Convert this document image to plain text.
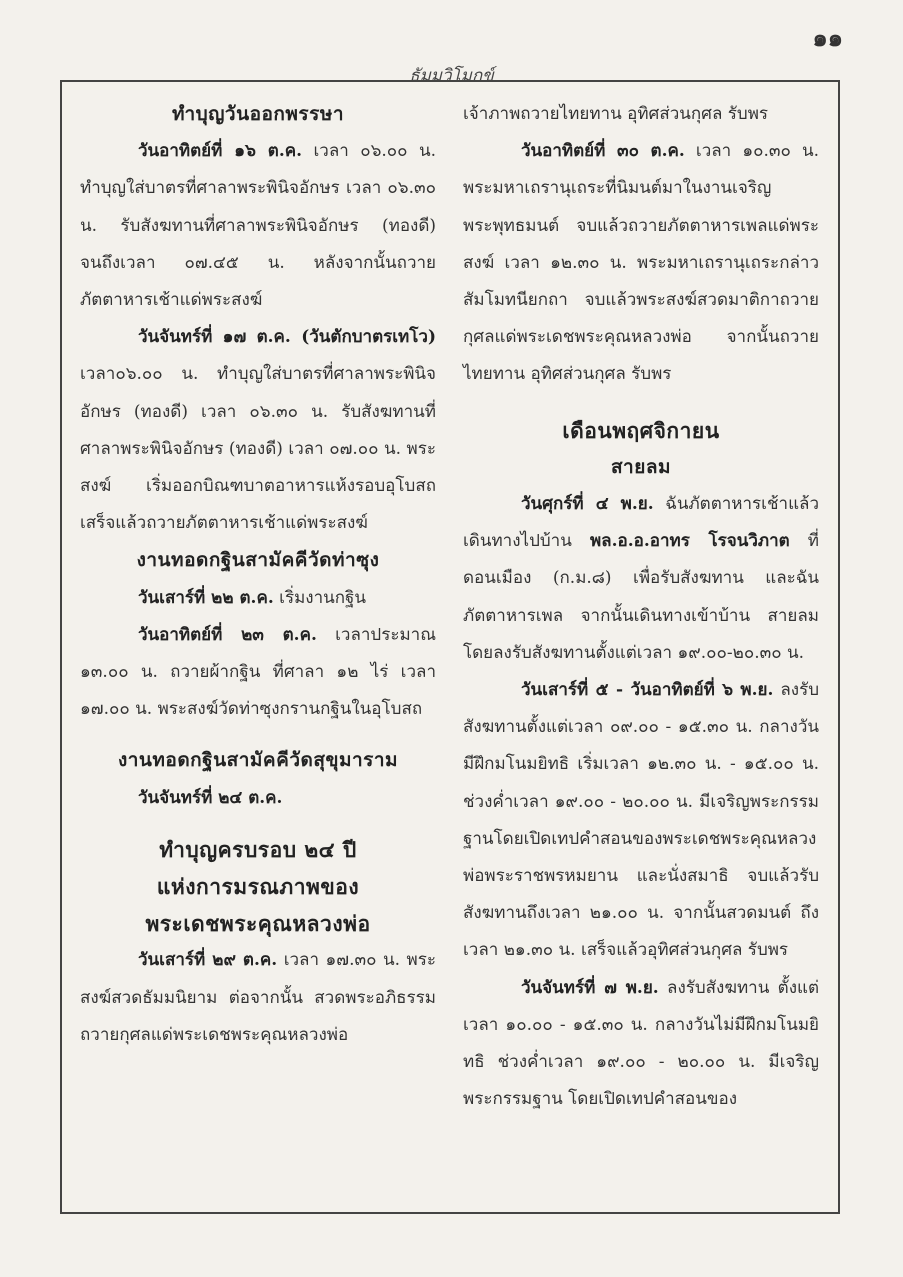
๑๑
ธัมมวิโมกข์
ทำบุญวันออกพรรษา

วันอาทิตย์ที่ ๑๖ ต.ค. เวลา ๐๖.๐๐ น. ทำบุญใส่บาตรที่ศาลาพระพินิจอักษร เวลา ๐๖.๓๐ น. รับสังฆทานที่ศาลาพระพินิจอักษร (ทองดี) จนถึงเวลา ๐๗.๔๕ น. หลังจากนั้นถวายภัตตาหารเช้าแด่พระสงฆ์

วันจันทร์ที่ ๑๗ ต.ค. (วันตักบาตรเทโว) เวลา๐๖.๐๐ น. ทำบุญใส่บาตรที่ศาลาพระพินิจอักษร (ทองดี) เวลา ๐๖.๓๐ น. รับสังฆทานที่ศาลาพระพินิจอักษร (ทองดี) เวลา ๐๗.๐๐ น. พระสงฆ์ เริ่มออกบิณฑบาตอาหารแห้งรอบอุโบสถ เสร็จแล้วถวายภัตตาหารเช้าแด่พระสงฆ์

งานทอดกฐินสามัคคีวัดท่าซุง

วันเสาร์ที่ ๒๒ ต.ค. เริ่มงานกฐิน

วันอาทิตย์ที่ ๒๓ ต.ค. เวลาประมาณ ๑๓.๐๐ น. ถวายผ้ากฐิน ที่ศาลา ๑๒ ไร่ เวลา ๑๗.๐๐ น. พระสงฆ์วัดท่าซุงกรานกฐินในอุโบสถ

งานทอดกฐินสามัคคีวัดสุขุมาราม

วันจันทร์ที่ ๒๔ ต.ค.

ทำบุญครบรอบ ๒๔ ปี
แห่งการมรณภาพของ
พระเดชพระคุณหลวงพ่อ

วันเสาร์ที่ ๒๙ ต.ค. เวลา ๑๗.๓๐ น. พระสงฆ์สวดธัมมนิยาม ต่อจากนั้น สวดพระอภิธรรมถวายกุศลแด่พระเดชพระคุณหลวงพ่อ

เจ้าภาพถวายไทยทาน อุทิศส่วนกุศล รับพร

วันอาทิตย์ที่ ๓๐ ต.ค. เวลา ๑๐.๓๐ น. พระมหาเถรานุเถระที่นิมนต์มาในงานเจริญพระพุทธมนต์ จบแล้วถวายภัตตาหารเพลแด่พระสงฆ์ เวลา ๑๒.๓๐ น. พระมหาเถรานุเถระกล่าวสัมโมทนียกถา จบแล้วพระสงฆ์สวดมาติกาถวายกุศลแด่พระเดชพระคุณหลวงพ่อ จากนั้นถวายไทยทาน อุทิศส่วนกุศล รับพร

เดือนพฤศจิกายน
สายลม

วันศุกร์ที่ ๔ พ.ย. ฉันภัตตาหารเช้าแล้ว เดินทางไปบ้าน พล.อ.อ.อาทร โรจนวิภาต ที่ดอนเมือง (ก.ม.๘) เพื่อรับสังฆทาน และฉันภัตตาหารเพล จากนั้นเดินทางเข้าบ้าน สายลม โดยลงรับสังฆทานตั้งแต่เวลา ๑๙.๐๐-๒๐.๓๐ น.

วันเสาร์ที่ ๕ - วันอาทิตย์ที่ ๖ พ.ย. ลงรับสังฆทานตั้งแต่เวลา ๐๙.๐๐ - ๑๕.๓๐ น. กลางวัน มีฝึกมโนมยิทธิ เริ่มเวลา ๑๒.๓๐ น. - ๑๕.๐๐ น. ช่วงค่ำเวลา ๑๙.๐๐ - ๒๐.๐๐ น. มีเจริญพระกรรมฐานโดยเปิดเทปคำสอนของพระเดชพระคุณหลวงพ่อพระราชพรหมยาน และนั่งสมาธิ จบแล้วรับสังฆทานถึงเวลา ๒๑.๐๐ น. จากนั้นสวดมนต์ ถึงเวลา ๒๑.๓๐ น. เสร็จแล้วอุทิศส่วนกุศล รับพร

วันจันทร์ที่ ๗ พ.ย. ลงรับสังฆทาน ตั้งแต่เวลา ๑๐.๐๐ - ๑๕.๓๐ น. กลางวันไม่มีฝึกมโนมยิทธิ ช่วงค่ำเวลา ๑๙.๐๐ - ๒๐.๐๐ น. มีเจริญพระกรรมฐาน โดยเปิดเทปคำสอนของ
